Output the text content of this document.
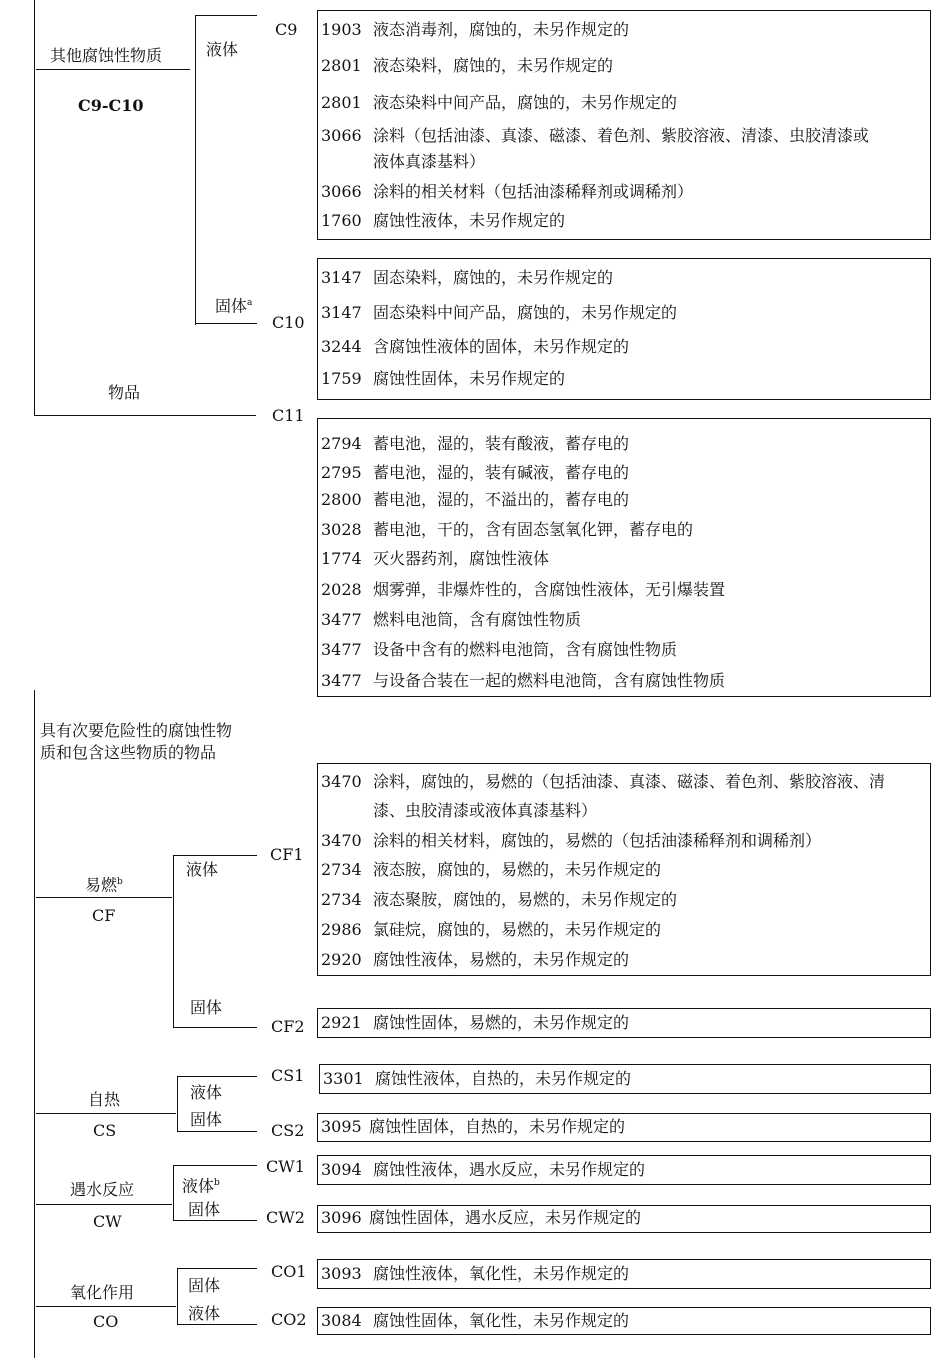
其他腐蚀性物质
C9-C10
液体
固体$^a$
C9
C10
1903 液态消毒剂，腐蚀的，未另作规定的
2801 液态染料，腐蚀的，未另作规定的
2801 液态染料中间产品，腐蚀的，未另作规定的
3066 涂料（包括油漆、真漆、磁漆、着色剂、紫胶溶液、清漆、虫胶清漆或
液体真漆基料）
3066 涂料的相关材料（包括油漆稀释剂或调稀剂）
1760 腐蚀性液体，未另作规定的
3147 固态染料，腐蚀的，未另作规定的
3147 固态染料中间产品，腐蚀的，未另作规定的
3244 含腐蚀性液体的固体，未另作规定的
1759 腐蚀性固体，未另作规定的
物品
C11
2794 蓄电池，湿的，装有酸液，蓄存电的
2795 蓄电池，湿的，装有碱液，蓄存电的
2800 蓄电池，湿的，不溢出的，蓄存电的
3028 蓄电池，干的，含有固态氢氧化钾，蓄存电的
1774 灭火器药剂，腐蚀性液体
2028 烟雾弹，非爆炸性的，含腐蚀性液体，无引爆装置
3477 燃料电池筒，含有腐蚀性物质
3477 设备中含有的燃料电池筒，含有腐蚀性物质
3477 与设备合装在一起的燃料电池筒，含有腐蚀性物质
具有次要危险性的腐蚀性物质和包含这些物质的物品
易燃$^b$
CF
液体
固体
CF1
CF2
3470 涂料，腐蚀的，易燃的（包括油漆、真漆、磁漆、着色剂、紫胶溶液、清
漆、虫胶清漆或液体真漆基料）
3470 涂料的相关材料，腐蚀的，易燃的（包括油漆稀释剂和调稀剂）
2734 液态胺，腐蚀的，易燃的，未另作规定的
2734 液态聚胺，腐蚀的，易燃的，未另作规定的
2986 氯硅烷，腐蚀的，易燃的，未另作规定的
2920 腐蚀性液体，易燃的，未另作规定的
2921 腐蚀性固体，易燃的，未另作规定的
自热
CS
液体
固体
CS1
CS2
3301 腐蚀性液体，自热的，未另作规定的
3095 腐蚀性固体，自热的，未另作规定的
遇水反应
CW
液体$^b$
固体
CW1
CW2
3094 腐蚀性液体，遇水反应，未另作规定的
3096 腐蚀性固体，遇水反应，未另作规定的
氧化作用
CO
固体
液体
CO1
CO2
3093 腐蚀性液体，氧化性，未另作规定的
3084 腐蚀性固体，氧化性，未另作规定的
